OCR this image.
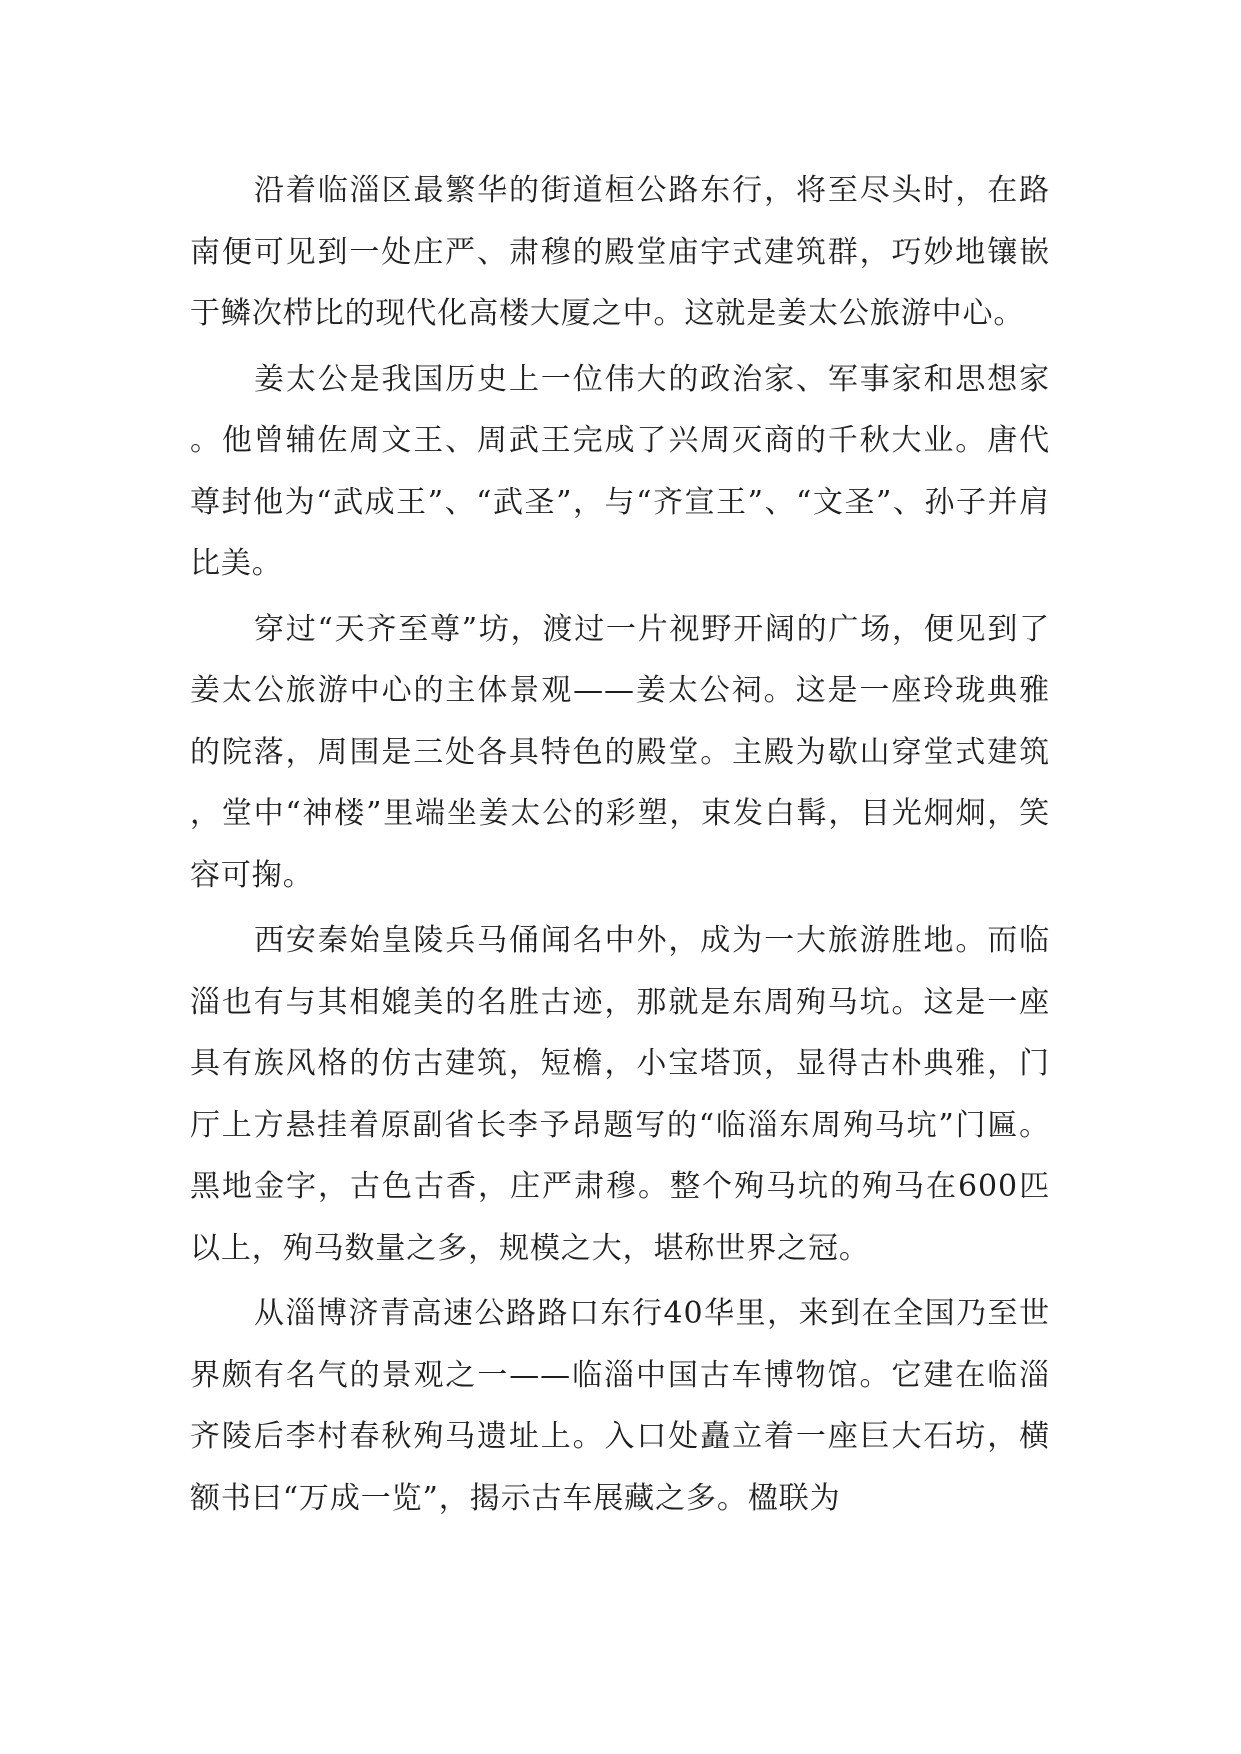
沿着临淄区最繁华的街道桓公路东行，将至尽头时，在路南便可见到一处庄严、肃穆的殿堂庙宇式建筑群，巧妙地镶嵌于鳞次栉比的现代化高楼大厦之中。这就是姜太公旅游中心。

姜太公是我国历史上一位伟大的政治家、军事家和思想家。他曾辅佐周文王、周武王完成了兴周灭商的千秋大业。唐代尊封他为“武成王”、“武圣”，与“齐宣王”、“文圣”、孙子并肩比美。

穿过“天齐至尊”坊，渡过一片视野开阔的广场，便见到了姜太公旅游中心的主体景观——姜太公祠。这是一座玲珑典雅的院落，周围是三处各具特色的殿堂。主殿为歇山穿堂式建筑，堂中“神楼”里端坐姜太公的彩塑，束发白髯，目光炯炯，笑容可掬。

西安秦始皇陵兵马俑闻名中外，成为一大旅游胜地。而临淄也有与其相媲美的名胜古迹，那就是东周殉马坑。这是一座具有族风格的仿古建筑，短檐，小宝塔顶，显得古朴典雅，门厅上方悬挂着原副省长李予昂题写的“临淄东周殉马坑”门匾。黑地金字，古色古香，庄严肃穆。整个殉马坑的殉马在600匹以上，殉马数量之多，规模之大，堪称世界之冠。

从淄博济青高速公路路口东行40华里，来到在全国乃至世界颇有名气的景观之一——临淄中国古车博物馆。它建在临淄齐陵后李村春秋殉马遗址上。入口处矗立着一座巨大石坊，横额书曰“万成一览”，揭示古车展藏之多。楹联为
